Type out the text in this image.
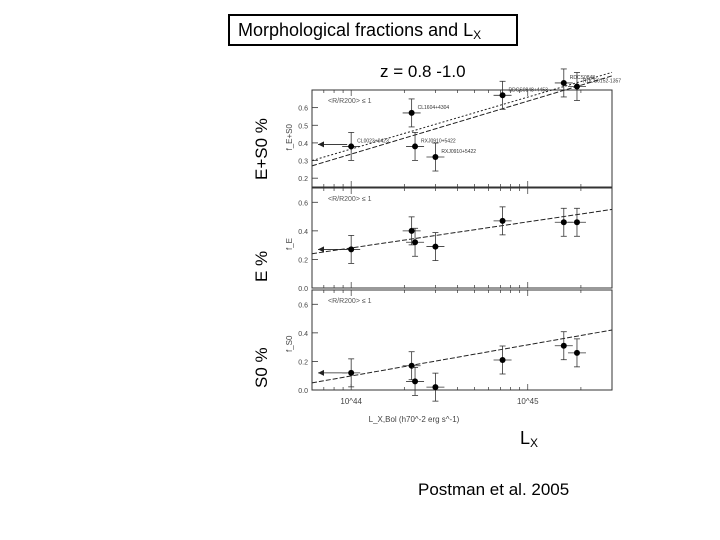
Morphological fractions and $L_X$
z = 0.8 -1.0
E+S0 %
E %
S0 %
0.2
0.3
0.4
0.5
0.6
f_E+S0
<R/R200> ≤ 1
CL0023+0423
CL1604+4304
RXJ0910+5422
RXJ0910+5422
RDCS0848+4453
RDCS0848
RDCS0152-1357
0.0
0.2
0.4
0.6
f_E
<R/R200> ≤ 1
0.0
0.2
0.4
0.6
f_S0
<R/R200> ≤ 1
10^44	10^45
L_X,Bol (h70^-2 erg s^-1)
$L_X$
Postman et al. 2005
